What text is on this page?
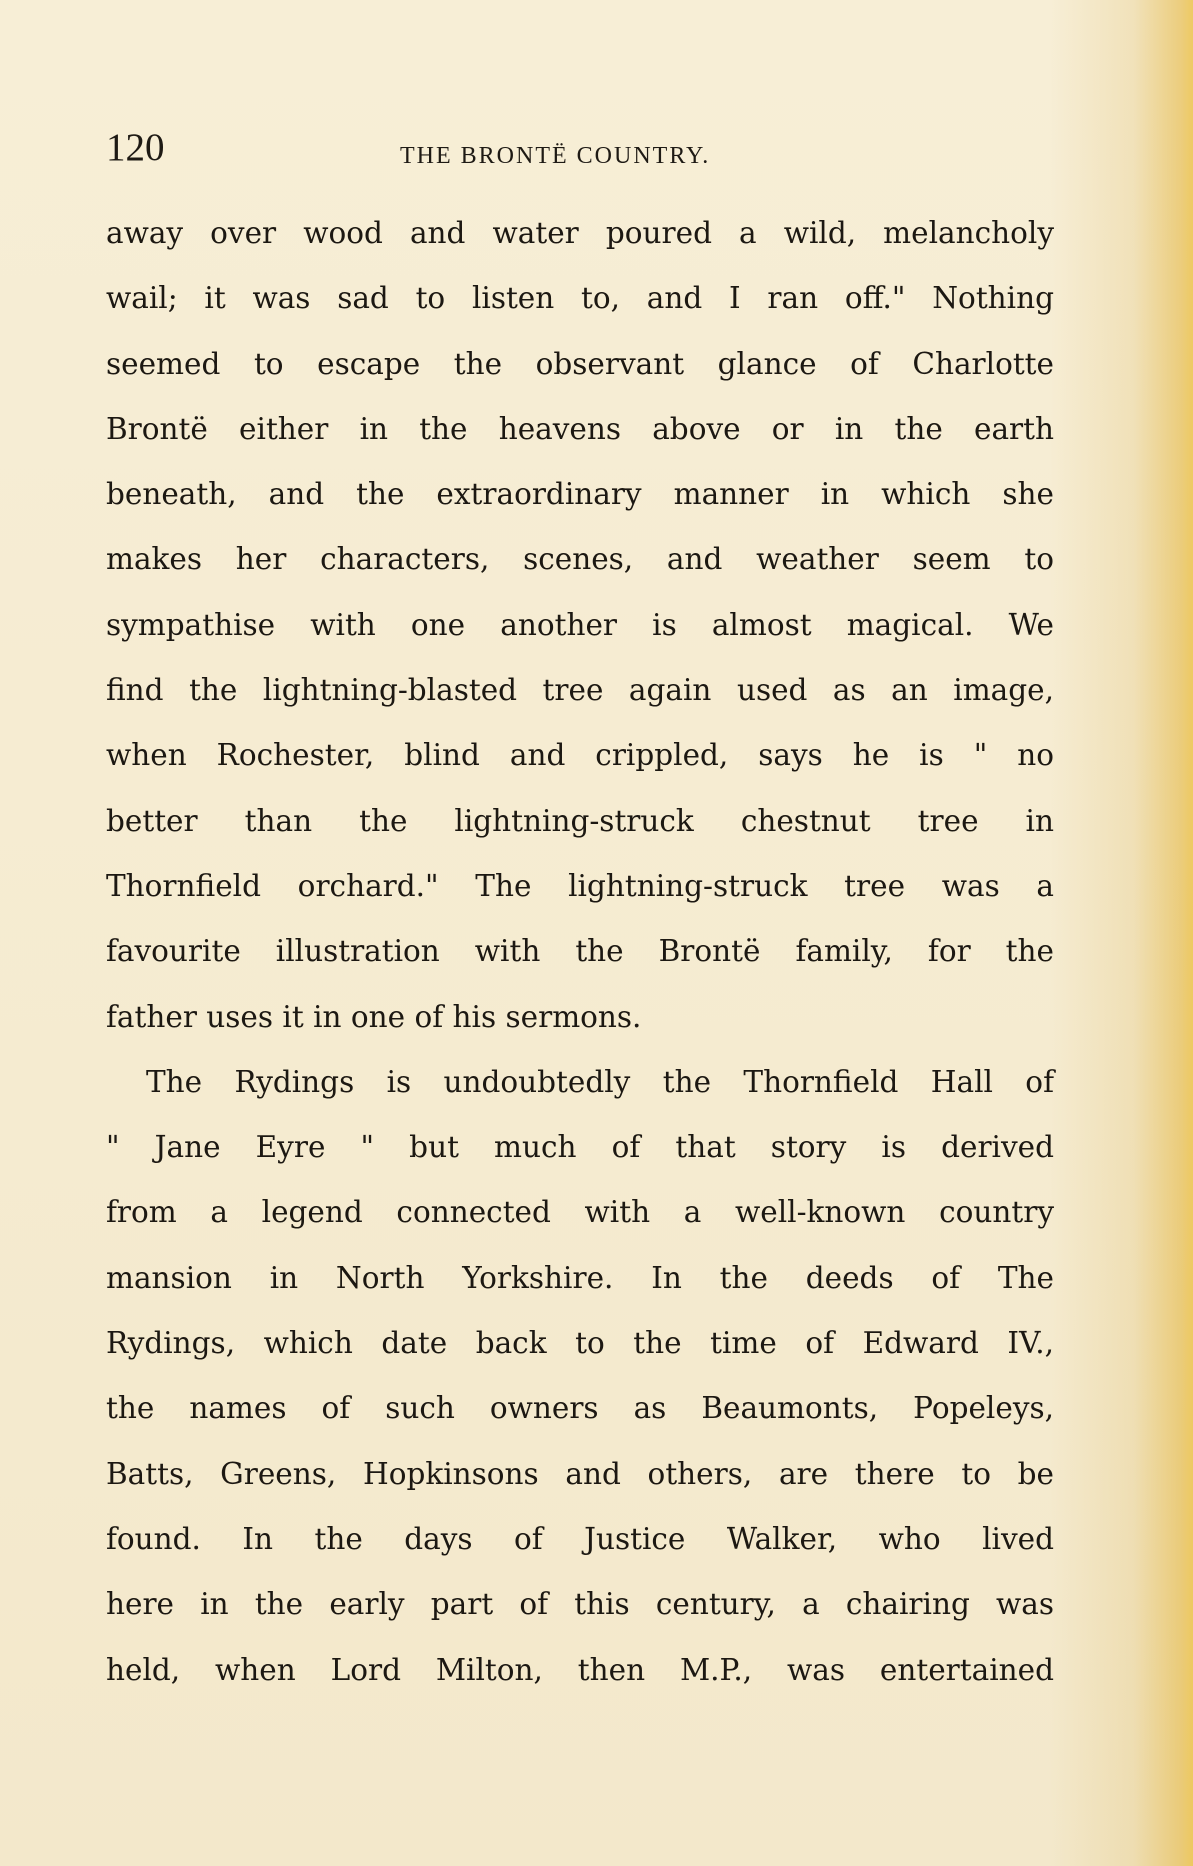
120	THE BRONTË COUNTRY.
away over wood and water poured a wild, melancholy
wail; it was sad to listen to, and I ran off." Nothing
seemed to escape the observant glance of Charlotte
Brontë either in the heavens above or in the earth
beneath, and the extraordinary manner in which she
makes her characters, scenes, and weather seem to
sympathise with one another is almost magical. We
find the lightning-blasted tree again used as an image,
when Rochester, blind and crippled, says he is " no
better than the lightning-struck chestnut tree in
Thornfield orchard." The lightning-struck tree was a
favourite illustration with the Brontë family, for the
father uses it in one of his sermons.
The Rydings is undoubtedly the Thornfield Hall of
" Jane Eyre " but much of that story is derived
from a legend connected with a well-known country
mansion in North Yorkshire. In the deeds of The
Rydings, which date back to the time of Edward IV.,
the names of such owners as Beaumonts, Popeleys,
Batts, Greens, Hopkinsons and others, are there to be
found. In the days of Justice Walker, who lived
here in the early part of this century, a chairing was
held, when Lord Milton, then M.P., was entertained
